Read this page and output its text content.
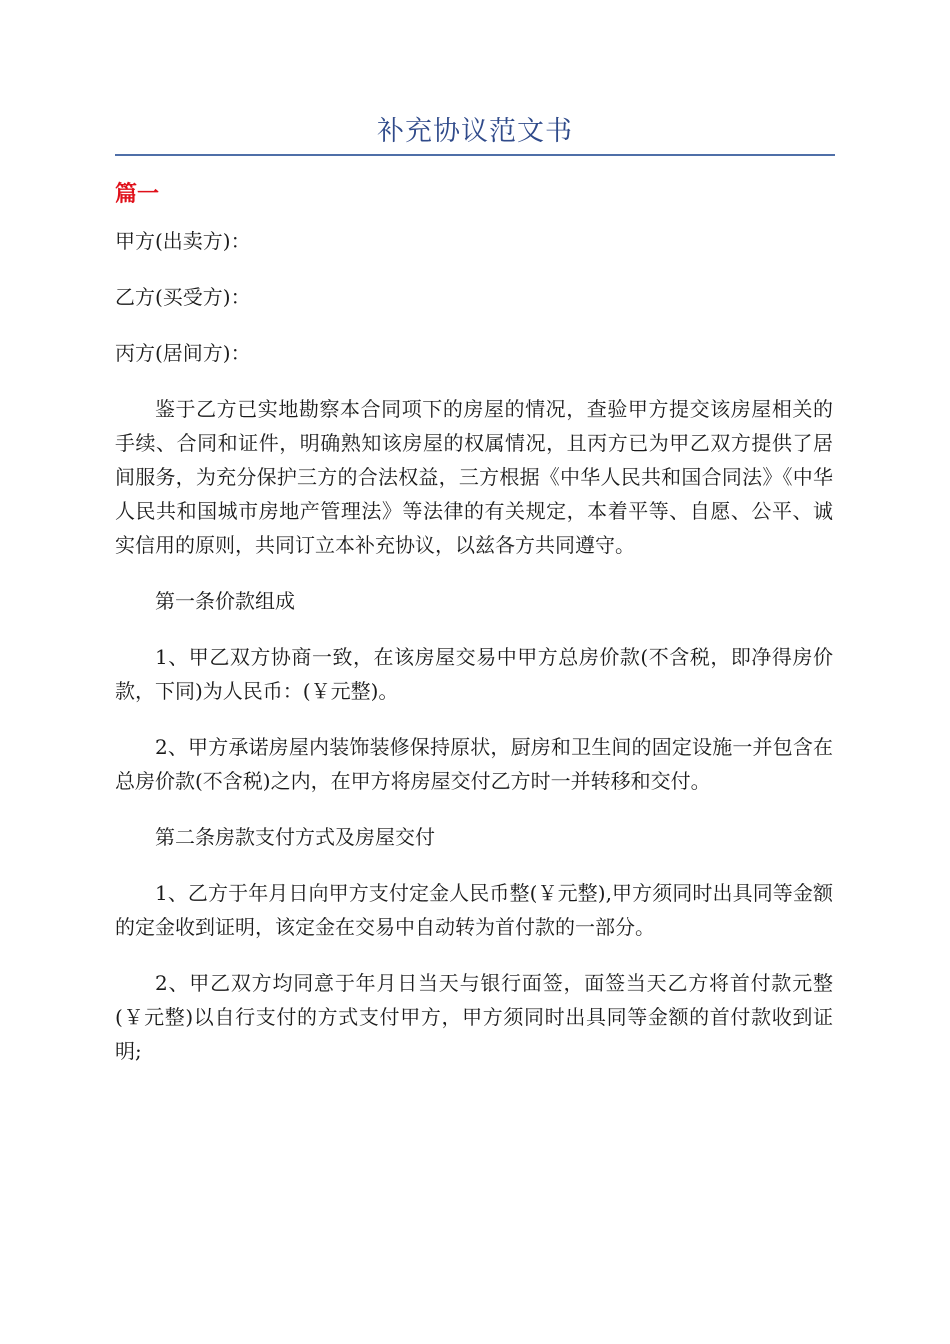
补充协议范文书
篇一

甲方(出卖方)：

乙方(买受方)：

丙方(居间方)：

鉴于乙方已实地勘察本合同项下的房屋的情况，查验甲方提交该房屋相关的手续、合同和证件，明确熟知该房屋的权属情况，且丙方已为甲乙双方提供了居间服务，为充分保护三方的合法权益，三方根据《中华人民共和国合同法》《中华人民共和国城市房地产管理法》等法律的有关规定，本着平等、自愿、公平、诚实信用的原则，共同订立本补充协议，以兹各方共同遵守。

第一条价款组成

1、甲乙双方协商一致，在该房屋交易中甲方总房价款(不含税，即净得房价款，下同)为人民币：(￥元整)。

2、甲方承诺房屋内装饰装修保持原状，厨房和卫生间的固定设施一并包含在总房价款(不含税)之内，在甲方将房屋交付乙方时一并转移和交付。

第二条房款支付方式及房屋交付

1、乙方于年月日向甲方支付定金人民币整(￥元整),甲方须同时出具同等金额的定金收到证明，该定金在交易中自动转为首付款的一部分。

2、甲乙双方均同意于年月日当天与银行面签，面签当天乙方将首付款元整(￥元整)以自行支付的方式支付甲方，甲方须同时出具同等金额的首付款收到证明;
